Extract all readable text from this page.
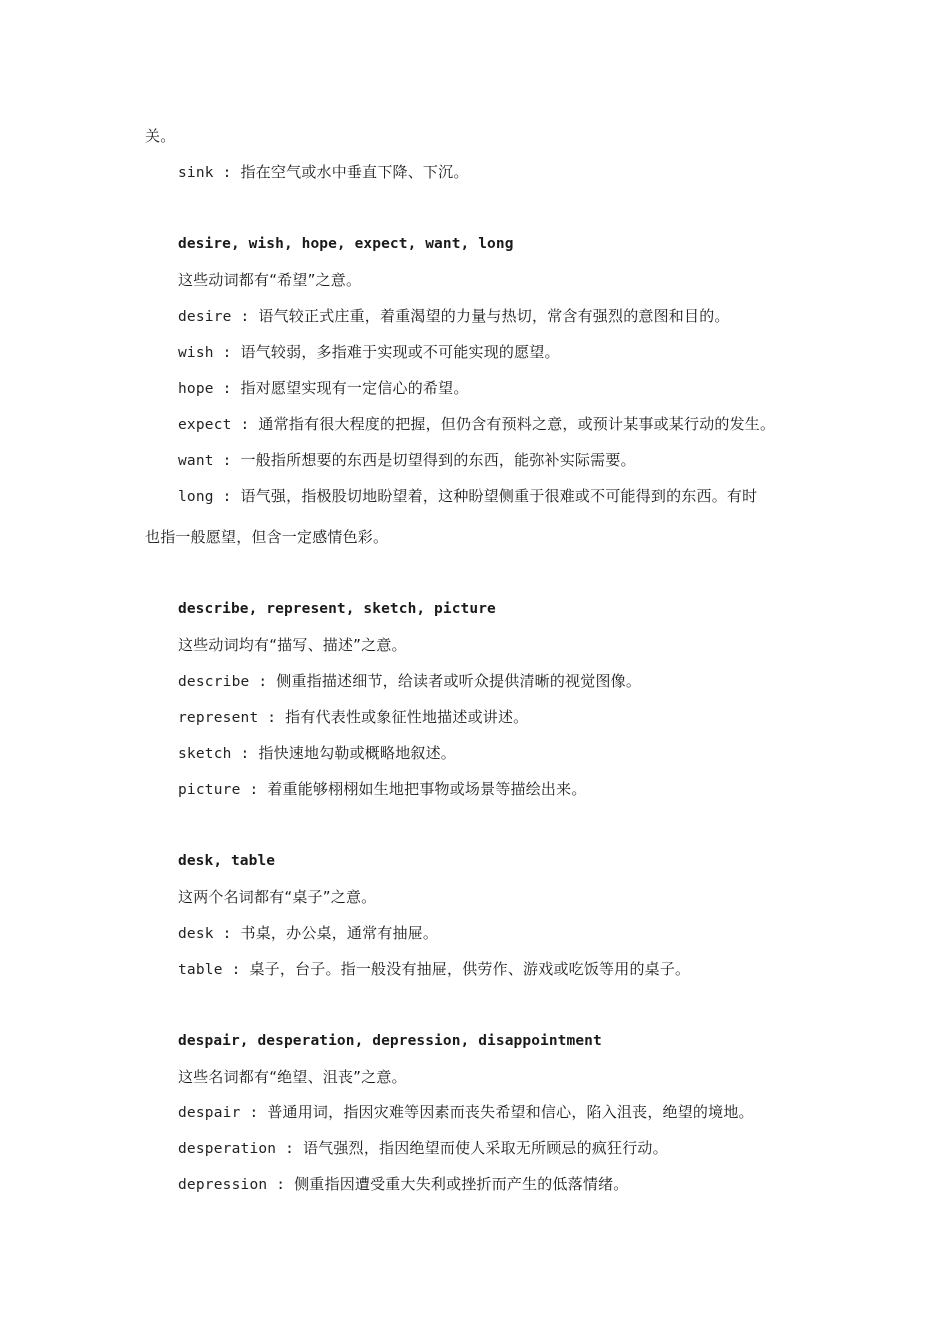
关。
sink : 指在空气或水中垂直下降、下沉。
desire, wish, hope, expect, want, long
这些动词都有“希望”之意。
desire : 语气较正式庄重，着重渴望的力量与热切，常含有强烈的意图和目的。
wish : 语气较弱，多指难于实现或不可能实现的愿望。
hope : 指对愿望实现有一定信心的希望。
expect : 通常指有很大程度的把握，但仍含有预料之意，或预计某事或某行动的发生。
want : 一般指所想要的东西是切望得到的东西，能弥补实际需要。
long : 语气强，指极股切地盼望着，这种盼望侧重于很难或不可能得到的东西。有时
也指一般愿望，但含一定感情色彩。
describe, represent, sketch, picture
这些动词均有“描写、描述”之意。
describe : 侧重指描述细节，给读者或听众提供清晰的视觉图像。
represent : 指有代表性或象征性地描述或讲述。
sketch : 指快速地勾勒或概略地叙述。
picture : 着重能够栩栩如生地把事物或场景等描绘出来。
desk, table
这两个名词都有“桌子”之意。
desk : 书桌，办公桌，通常有抽屉。
table : 桌子，台子。指一般没有抽屉，供劳作、游戏或吃饭等用的桌子。
despair, desperation, depression, disappointment
这些名词都有“绝望、沮丧”之意。
despair : 普通用词，指因灾难等因素而丧失希望和信心，陷入沮丧，绝望的境地。
desperation : 语气强烈，指因绝望而使人采取无所顾忌的疯狂行动。
depression : 侧重指因遭受重大失利或挫折而产生的低落情绪。
